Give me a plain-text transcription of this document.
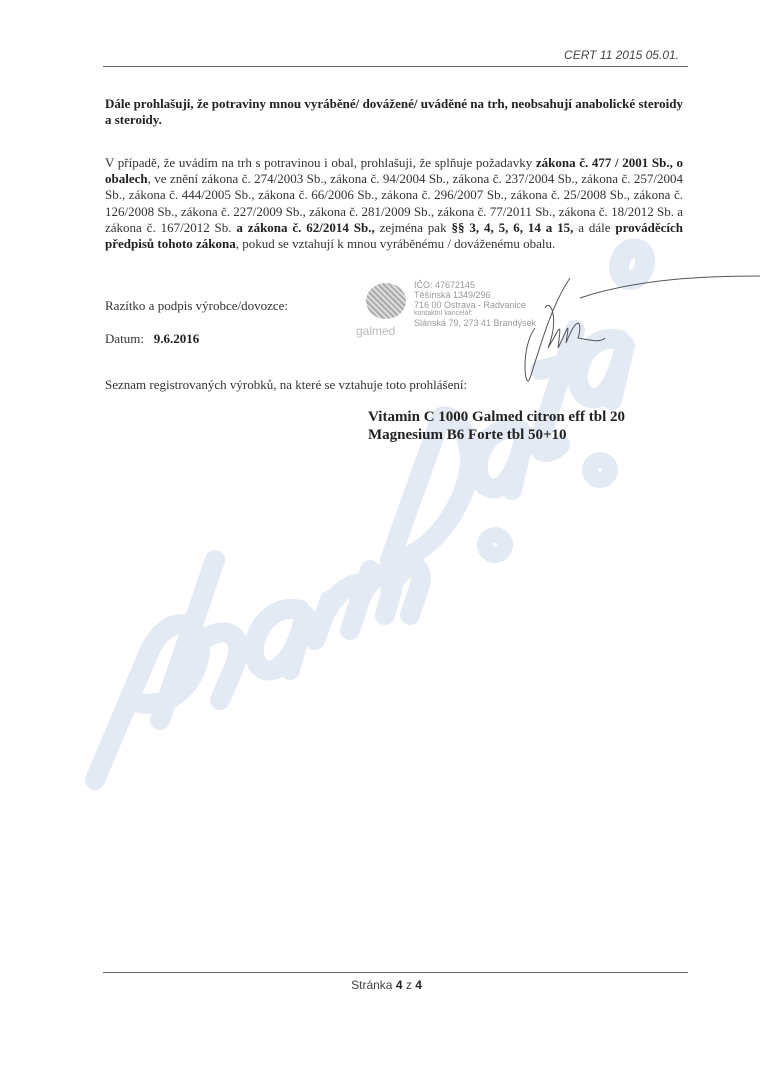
CERT 11 2015 05.01.
Dále prohlašuji, že potraviny mnou vyráběné/ dovážené/ uváděné na trh, neobsahují anabolické steroidy a steroidy.
V případě, že uvádím na trh s potravinou i obal, prohlašuji, že splňuje požadavky zákona č. 477 / 2001 Sb., o obalech, ve znění zákona č. 274/2003 Sb., zákona č. 94/2004 Sb., zákona č. 237/2004 Sb., zákona č. 257/2004 Sb., zákona č. 444/2005 Sb., zákona č. 66/2006 Sb., zákona č. 296/2007 Sb., zákona č. 25/2008 Sb., zákona č. 126/2008 Sb., zákona č. 227/2009 Sb., zákona č. 281/2009 Sb., zákona č. 77/2011 Sb., zákona č. 18/2012 Sb. a zákona č. 167/2012 Sb. a zákona č. 62/2014 Sb., zejména pak §§ 3, 4, 5, 6, 14 a 15, a dále prováděcích předpisů tohoto zákona, pokud se vztahují k mnou vyráběnému / dováženému obalu.
Razítko a podpis výrobce/dovozce:
Datum: 9.6.2016	galmed
IČO: 47672145
Těšínská 1349/296
716 00 Ostrava - Radvanice
kontaktní kancelář:
Slánská 79, 273 41 Brandýsek
Seznam registrovaných výrobků, na které se vztahuje toto prohlášení:
Vitamin C 1000 Galmed citron eff tbl 20
Magnesium B6 Forte tbl 50+10
Stránka 4 z 4
